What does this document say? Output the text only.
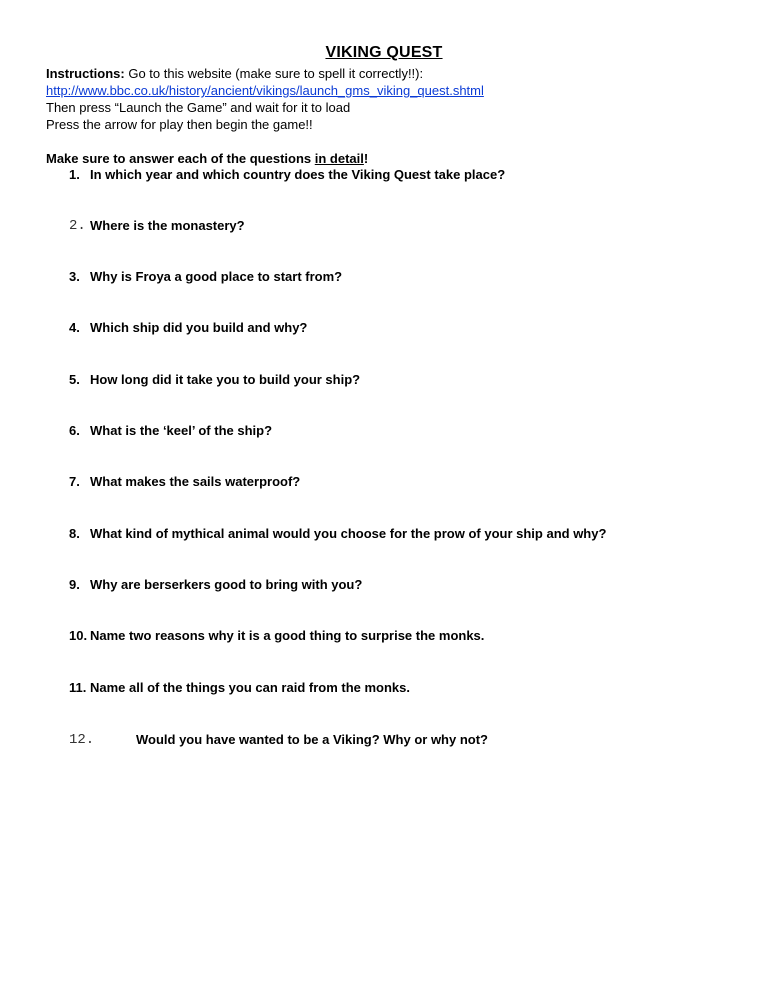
VIKING QUEST
Instructions: Go to this website (make sure to spell it correctly!!):
http://www.bbc.co.uk/history/ancient/vikings/launch_gms_viking_quest.shtml
Then press “Launch the Game” and wait for it to load
Press the arrow for play then begin the game!!
Make sure to answer each of the questions in detail!
1. In which year and which country does the Viking Quest take place?
2. Where is the monastery?
3. Why is Froya a good place to start from?
4. Which ship did you build and why?
5. How long did it take you to build your ship?
6. What is the ‘keel’ of the ship?
7. What makes the sails waterproof?
8. What kind of mythical animal would you choose for the prow of your ship and why?
9. Why are berserkers good to bring with you?
10. Name two reasons why it is a good thing to surprise the monks.
11. Name all of the things you can raid from the monks.
12.	Would you have wanted to be a Viking? Why or why not?
